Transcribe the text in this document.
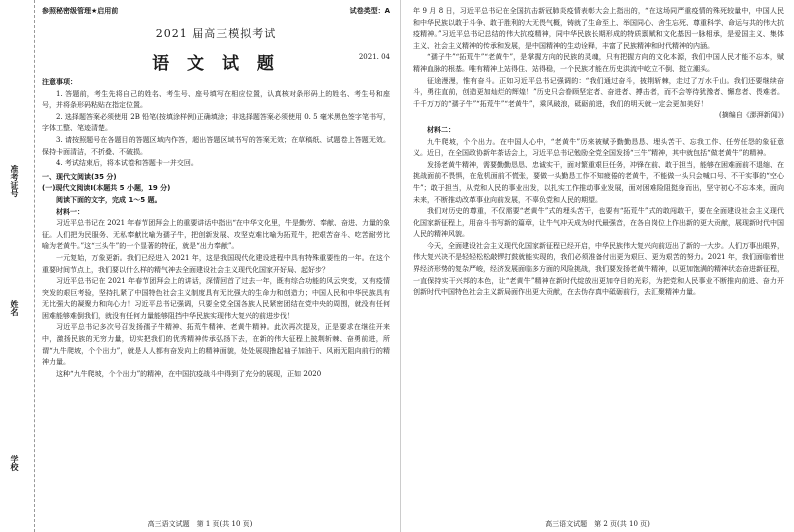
准考证号
姓名
学校
参照秘密级管理★启用前	试卷类型：A
2021 届高三模拟考试
语 文 试 题	2021. 04

注意事项：

1. 答题前，考生先将自己的姓名、考生号、座号填写在相应位置，认真核对条形码上的姓名、考生号和座号，并将条形码粘贴在指定位置。

2. 选择题答案必须使用 2B 铅笔(按填涂样例)正确填涂；非选择题答案必须使用 0. 5 毫米黑色签字笔书写，字体工整、笔迹清楚。

3. 请按照题号在各题目的答题区域内作答，超出答题区域书写的答案无效；在草稿纸、试题卷上答题无效。保持卡面清洁，不折叠、不破损。

4. 考试结束后，将本试卷和答题卡一并交回。

一、现代文阅读(35 分)

(一)现代文阅读Ⅰ(本题共 5 小题，19 分)

阅读下面的文字，完成 1～5 题。

材料一：

习近平总书记在 2021 年春节团拜会上的重要讲话中指出“在中华文化里，牛是勤劳、奉献、奋进、力量的象征。人们把为民服务、无私奉献比喻为孺子牛，把创新发展、攻坚克难比喻为拓荒牛，把艰苦奋斗、吃苦耐劳比喻为老黄牛。”这“三头牛”的一个显著的特征，就是“出力奉献”。

一元复始，万象更新。我们已经进入 2021 年，这是我国现代化建设进程中具有特殊重要性的一年。在这个重要时间节点上，我们要以什么样的精气神去全面建设社会主义现代化国家开好局、起好步？

习近平总书记在 2021 年春节团拜会上的讲话，深情回首了过去一年，既有综合功能的风云突变，又有疫情突发的艰巨考验，坚持扎紧了中国特色社会主义制度具有无比强大的生命力和创造力；中国人民和中华民族具有无比强大的凝聚力和向心力！习近平总书记强调，只要全党全国各族人民紧密团结在党中央的周围，就没有任何困难能够难倒我们，就没有任何力量能够阻挡中华民族实现伟大复兴的前进步伐！

习近平总书记多次号召发扬孺子牛精神、拓荒牛精神、老黄牛精神。此次再次提及，正是要求在继往开来中，激扬民族的无穷力量，切实把我们的优秀精神传承弘扬下去，在新的伟大征程上披荆斩棘、奋勇前进，所谓“九牛爬坡，个个出力”，就是人人都有奋发向上的精神面貌，处处展现撸起袖子加油干、风雨无阻向前行的精神力量。

这种“九牛爬坡，个个出力”的精神，在中国抗疫战斗中得到了充分的展现，正如 2020

高三语文试题　第 1 页(共 10 页)

年 9 月 8 日，习近平总书记在全国抗击新冠肺炎疫情表彰大会上指出的，“在这场同严重疫情的殊死较量中，中国人民和中华民族以敢于斗争、敢于胜利的大无畏气概，铸就了生命至上、举国同心、舍生忘死、尊重科学、命运与共的伟大抗疫精神。”习近平总书记总结的伟大抗疫精神，同中华民族长期形成的特质禀赋和文化基因一脉相承，是爱国主义、集体主义、社会主义精神的传承和发展，是中国精神的生动诠释，丰富了民族精神和时代精神的内涵。

“孺子牛”“拓荒牛”“老黄牛”，是掌握方向的民族的灵魂，只有把握方向的文化本源，我们中国人民才能不忘本，赋精神血脉的根基。唯有精神上站得住、站得稳，一个民族才能在历史洪流中屹立不倒、挺立潮头。

征途漫漫，惟有奋斗。正如习近平总书记强调的：“我们通过奋斗，披荆斩棘，走过了万水千山。我们还要继续奋斗，勇往直前，创造更加灿烂的辉煌！”历史只会眷顾坚定者、奋进者、搏击者，而不会等待犹豫者、懈怠者、畏难者。千千万万的“孺子牛”“拓荒牛”“老黄牛”，乘风破浪，砥砺前进，我们的明天就一定会更加美好！

(摘编自《澎湃新闻》)

材料二：

九牛爬坡，个个出力。在中国人心中，“老黄牛”历来被赋予勤勤恳恳、埋头苦干、忘我工作、任劳任怨的象征意义。近日，在全国政协新年茶话会上，习近平总书记勉励全党全国发扬“三牛”精神，其中就包括“做老黄牛”的精神。

发扬老黄牛精神，需要勤勤恳恳、忠诚实干，面对繁重艰巨任务，冲锋在前、敢于担当，能够在困难面前不退缩、在挑战面前不畏惧，在危机面前不慌张，要做一头勤恳工作不知疲倦的老黄牛，不能做一头只会喊口号、不干实事的“空心牛”；敢于担当，从党和人民的事业出发，以扎实工作推动事业发展，面对困难险阻挺身而出，坚守初心不忘本来，面向未来，不断推动改革事业向前发展，不辜负党和人民的期望。

我们对历史的尊重，不仅需要“老黄牛”式的埋头苦干，也要有“拓荒牛”式的敢闯敢干，要在全面建设社会主义现代化国家新征程上，用奋斗书写新的篇章，让牛气冲天成为时代最强音，在各自岗位上作出新的更大贡献，展现新时代中国人民的精神风貌。

今天，全面建设社会主义现代化国家新征程已经开启，中华民族伟大复兴向前迈出了新的一大步。人们万事出眼界，伟大复兴决不是轻轻松松敲锣打鼓就能实现的，我们必须准备付出更为艰巨、更为艰苦的努力。2021 年，我们面临着世界经济形势的复杂严峻，经济发展面临多方面的风险挑战，我们要发扬老黄牛精神，以更加饱满的精神状态奋进新征程，一直保持实干兴邦的本色，让“老黄牛”精神在新时代绽放出更加夺目的光彩，为把党和人民事业不断推向前进、奋力开创新时代中国特色社会主义新局面作出更大贡献，在去伪存真中砥砺前行，去汇聚精神力量。

高三语文试题　第 2 页(共 10 页)
